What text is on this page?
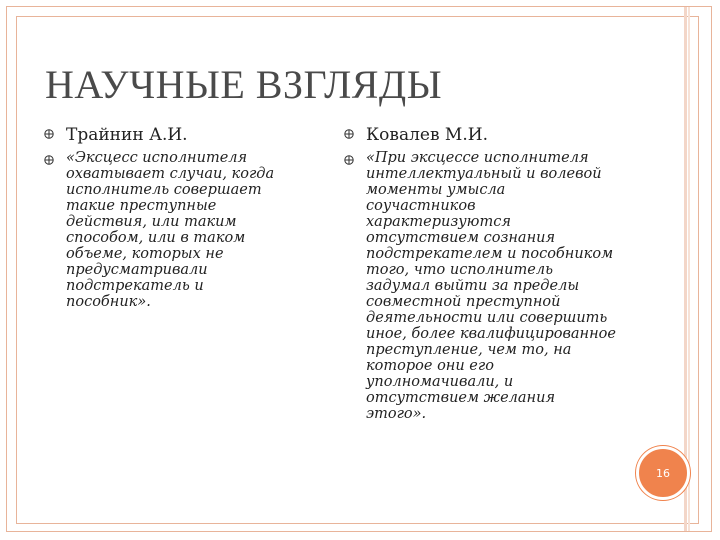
НАУЧНЫЕ ВЗГЛЯДЫ
Трайнин А.И.
«Эксцесс исполнителя охватывает случаи, когда исполнитель совершает такие преступные действия, или таким способом, или в таком объеме, которых не предусматривали подстрекатель и пособник».
Ковалев М.И.
«При эксцессе исполнителя интеллектуальный и волевой моменты умысла соучастников характеризуются отсутствием сознания подстрекателем и пособником того, что исполнитель задумал выйти за пределы совместной преступной деятельности или совершить иное, более квалифицированное преступление, чем то, на которое они его уполномачивали, и отсутствием желания этого».
16
